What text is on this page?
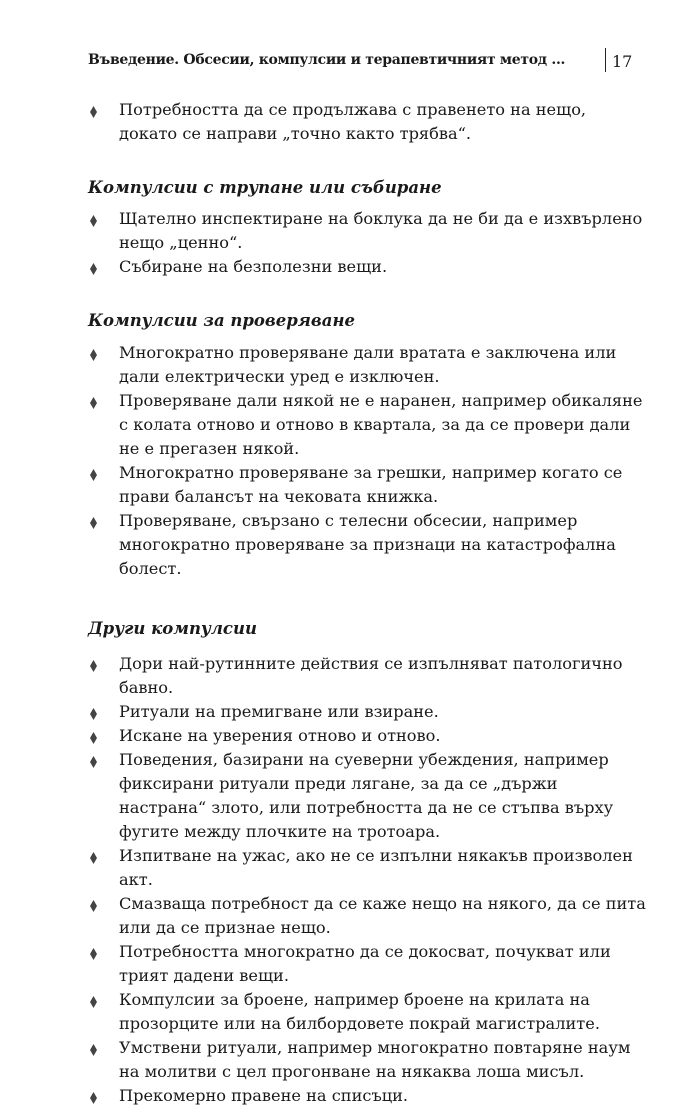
Въведение. Обсесии, компулсии и терапевтичният метод ...	17
Потребността да се продължава с правенето на нещо, докато се направи „точно както трябва“.
Компулсии с трупане или събиране
Щателно инспектиране на боклука да не би да е изхвърлено нещо „ценно“.
Събиране на безполезни вещи.
Компулсии за проверяване
Многократно проверяване дали вратата е заключена или дали електрически уред е изключен.
Проверяване дали някой не е наранен, например обикаляне с колата отново и отново в квартала, за да се провери дали не е прегазен някой.
Многократно проверяване за грешки, например когато се прави балансът на чековата книжка.
Проверяване, свързано с телесни обсесии, например многократно проверяване за признаци на катастрофална болест.
Други компулсии
Дори най-рутинните действия се изпълняват патологично бавно.
Ритуали на премигване или взиране.
Искане на уверения отново и отново.
Поведения, базирани на суеверни убеждения, например фиксирани ритуали преди лягане, за да се „държи настрана“ злото, или потребността да не се стъпва върху фугите между плочките на тротоара.
Изпитване на ужас, ако не се изпълни някакъв произволен акт.
Смазваща потребност да се каже нещо на някого, да се пита или да се признае нещо.
Потребността многократно да се докосват, почукват или трият дадени вещи.
Компулсии за броене, например броене на крилата на прозорците или на билбордовете покрай магистралите.
Умствени ритуали, например многократно повтаряне наум на молитви с цел прогонване на някаква лоша мисъл.
Прекомерно правене на списъци.
